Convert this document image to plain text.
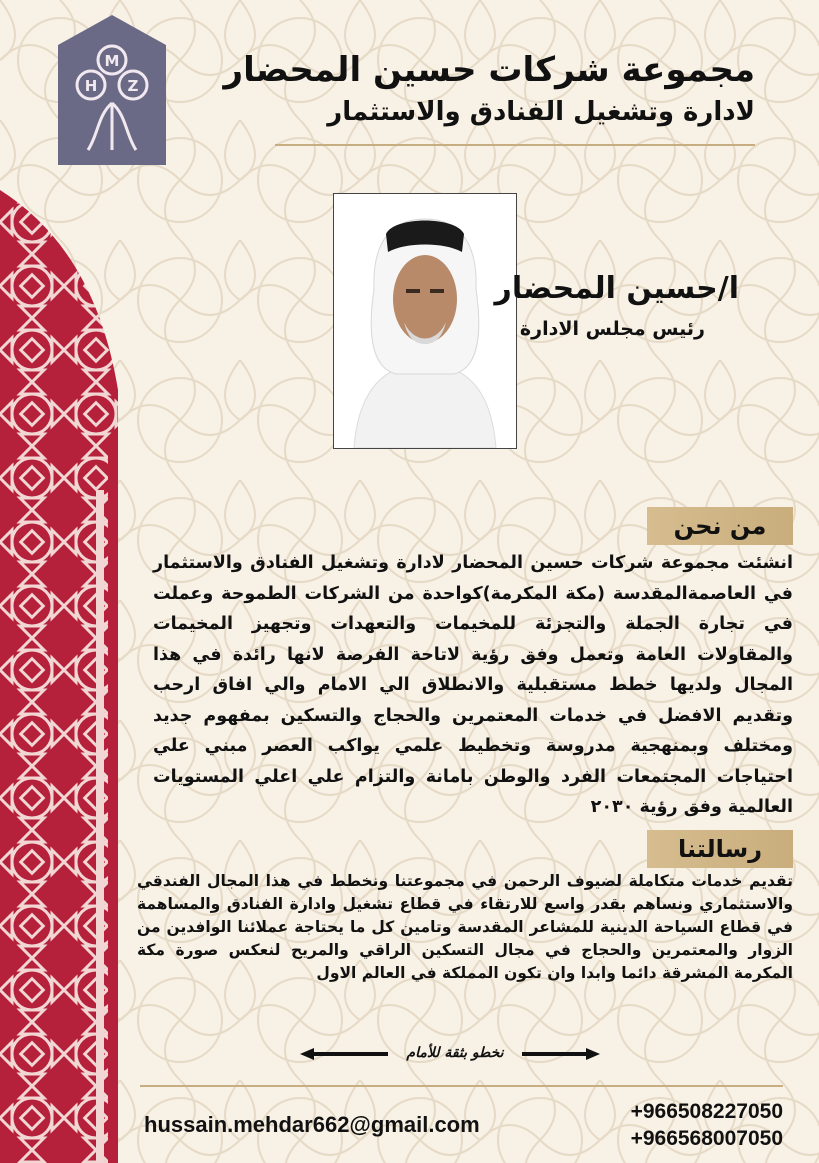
M
H Z	مجموعة شركات حسين المحضار
لادارة وتشغيل الفنادق والاستثمار
ا/حسين المحضار
رئيس مجلس الادارة
من نحن
انشئت مجموعة شركات حسين المحضار لادارة وتشغيل الفنادق والاستثمار في العاصمةالمقدسة (مكة المكرمة)كواحدة من الشركات الطموحة وعملت في تجارة الجملة والتجزئة للمخيمات والتعهدات وتجهيز المخيمات والمقاولات العامة وتعمل وفق رؤية لاتاحة الفرصة لانها رائدة في هذا المجال ولديها خطط مستقبلية والانطلاق الي الامام والي افاق ارحب وتقديم الافضل في خدمات المعتمرين والحجاج والتسكين بمفهوم جديد ومختلف وبمنهجية مدروسة وتخطيط علمي يواكب العصر مبني علي احتياجات المجتمعات الفرد والوطن بامانة والتزام علي اعلي المستويات العالمية وفق رؤية ٢٠٣٠
رسالتنا
تقديم خدمات متكاملة لضيوف الرحمن في مجموعتنا ونخطط في هذا المجال الفندقي والاستثماري ونساهم بقدر واسع للارتقاء في قطاع تشغيل وادارة الفنادق والمساهمة في قطاع السياحة الدينية للمشاعر المقدسة وتامين كل ما يحتاجة عملائنا الوافدين من الزوار والمعتمرين والحجاج في مجال التسكين الراقي والمريح لنعكس صورة مكة المكرمة المشرقة دائما وابدا وان تكون المملكة في العالم الاول
نخطو بثقة للأمام
hussain.mehdar662@gmail.com
+966508227050
+966568007050
